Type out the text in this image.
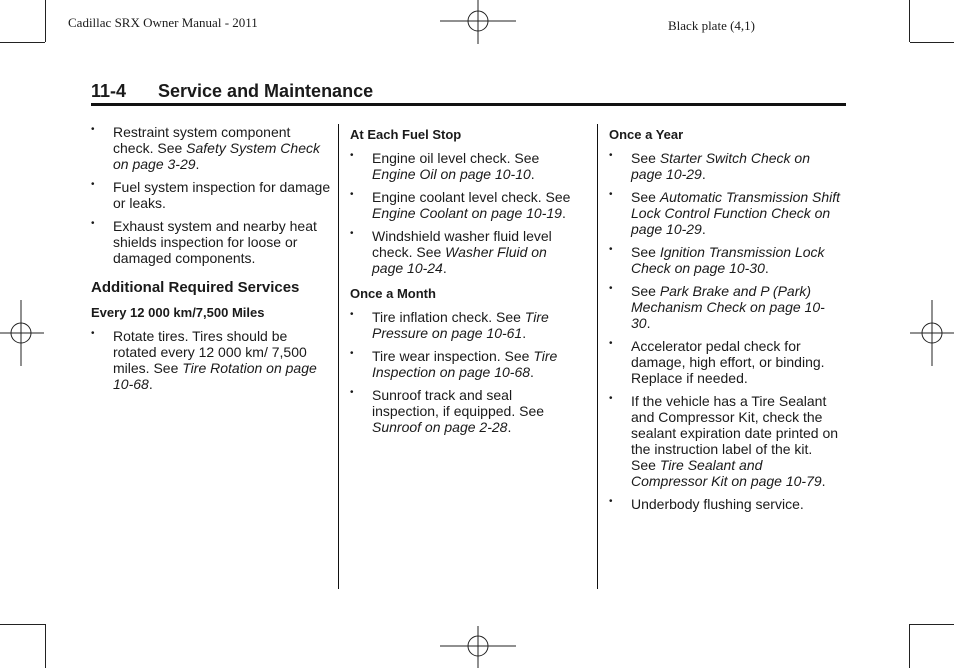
Cadillac SRX Owner Manual - 2011	Black plate (4,1)
11-4 Service and Maintenance
• Restraint system component check. See Safety System Check on page 3-29.
• Fuel system inspection for damage or leaks.
• Exhaust system and nearby heat shields inspection for loose or damaged components.
Additional Required Services
Every 12 000 km/7,500 Miles
• Rotate tires. Tires should be rotated every 12 000 km/ 7,500 miles. See Tire Rotation on page 10-68.
At Each Fuel Stop
• Engine oil level check. See Engine Oil on page 10-10.
• Engine coolant level check. See Engine Coolant on page 10-19.
• Windshield washer fluid level check. See Washer Fluid on page 10-24.
Once a Month
• Tire inflation check. See Tire Pressure on page 10-61.
• Tire wear inspection. See Tire Inspection on page 10-68.
• Sunroof track and seal inspection, if equipped. See Sunroof on page 2-28.
Once a Year
• See Starter Switch Check on page 10-29.
• See Automatic Transmission Shift Lock Control Function Check on page 10-29.
• See Ignition Transmission Lock Check on page 10-30.
• See Park Brake and P (Park) Mechanism Check on page 10-30.
• Accelerator pedal check for damage, high effort, or binding. Replace if needed.
• If the vehicle has a Tire Sealant and Compressor Kit, check the sealant expiration date printed on the instruction label of the kit. See Tire Sealant and Compressor Kit on page 10-79.
• Underbody flushing service.
